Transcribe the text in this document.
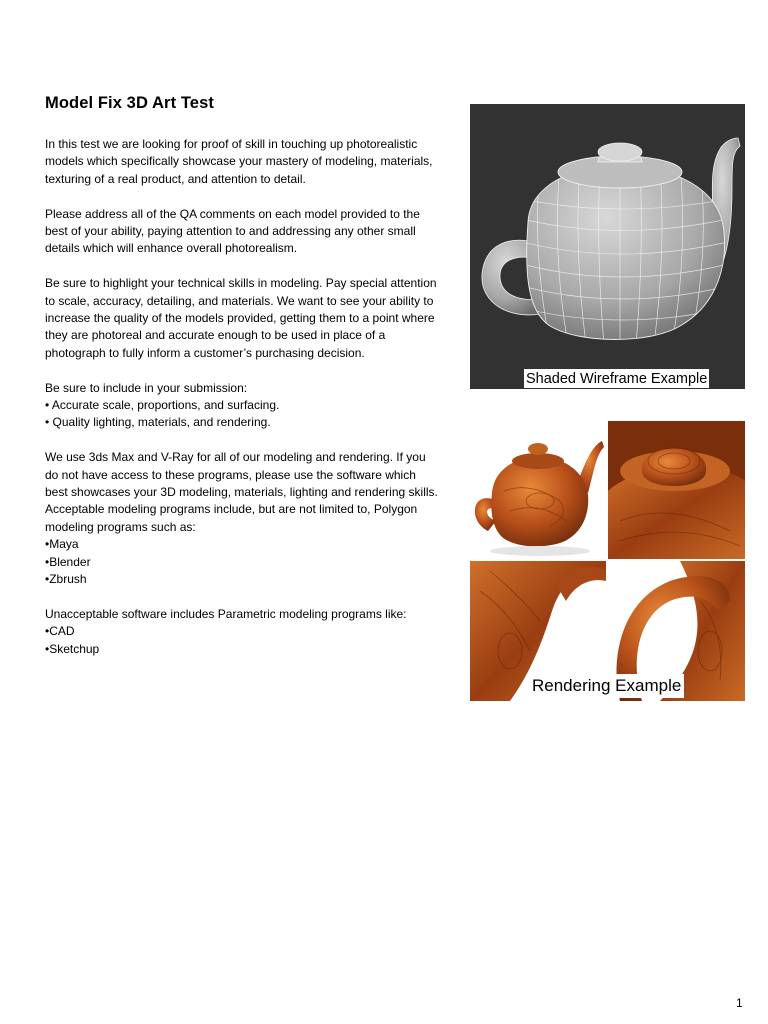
Model Fix 3D Art Test

In this test we are looking for proof of skill in touching up photorealistic
models which specifically showcase your mastery of modeling, materials,
texturing of a real product, and attention to detail.

Please address all of the QA comments on each model provided to the
best of your ability, paying attention to and addressing any other small
details which will enhance overall photorealism.

Be sure to highlight your technical skills in modeling. Pay special attention
to scale, accuracy, detailing, and materials. We want to see your ability to
increase the quality of the models provided, getting them to a point where
they are photoreal and accurate enough to be used in place of a
photograph to fully inform a customer’s purchasing decision.

Be sure to include in your submission:
• Accurate scale, proportions, and surfacing.
• Quality lighting, materials, and rendering.

We use 3ds Max and V-Ray for all of our modeling and rendering. If you
do not have access to these programs, please use the software which
best showcases your 3D modeling, materials, lighting and rendering skills.
Acceptable modeling programs include, but are not limited to, Polygon
modeling programs such as:
•Maya
•Blender
•Zbrush

Unacceptable software includes Parametric modeling programs like:
•CAD
•Sketchup

Shaded Wireframe Example
Rendering Example
1
